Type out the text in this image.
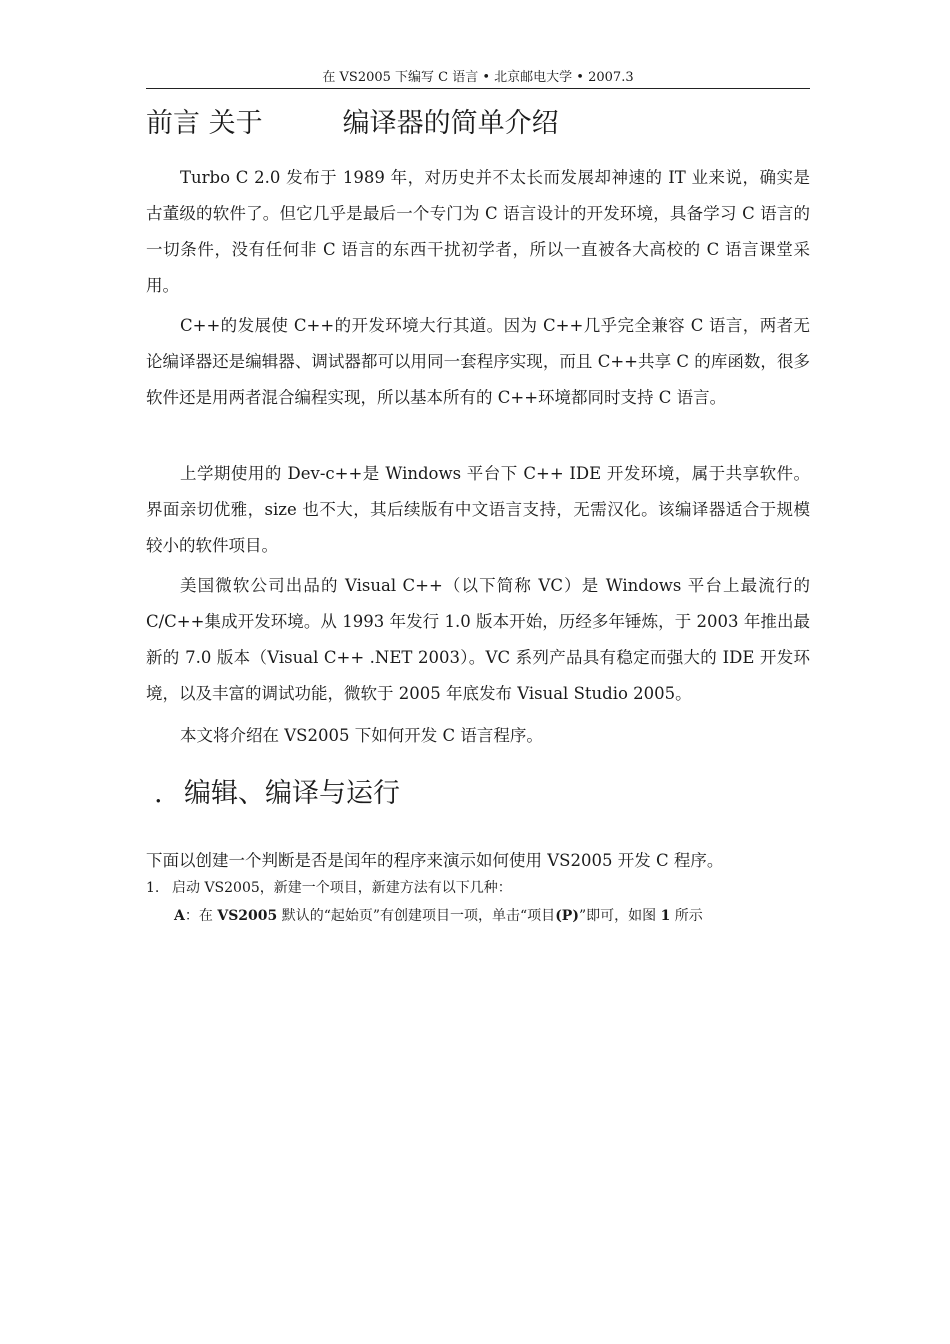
在 VS2005 下编写 C 语言 • 北京邮电大学 • 2007.3
前言 关于	编译器的简单介绍

Turbo C 2.0 发布于 1989 年，对历史并不太长而发展却神速的 IT 业来说，确实是古董级的软件了。但它几乎是最后一个专门为 C 语言设计的开发环境，具备学习 C 语言的一切条件，没有任何非 C 语言的东西干扰初学者，所以一直被各大高校的 C 语言课堂采用。

C++的发展使 C++的开发环境大行其道。因为 C++几乎完全兼容 C 语言，两者无论编译器还是编辑器、调试器都可以用同一套程序实现，而且 C++共享 C 的库函数，很多软件还是用两者混合编程实现，所以基本所有的 C++环境都同时支持 C 语言。

上学期使用的 Dev-c++是 Windows 平台下 C++ IDE 开发环境，属于共享软件。界面亲切优雅，size 也不大，其后续版有中文语言支持，无需汉化。该编译器适合于规模较小的软件项目。

美国微软公司出品的 Visual C++（以下简称 VC）是 Windows 平台上最流行的 C/C++集成开发环境。从 1993 年发行 1.0 版本开始，历经多年锤炼，于 2003 年推出最新的 7.0 版本（Visual C++ .NET 2003）。VC 系列产品具有稳定而强大的 IDE 开发环境，以及丰富的调试功能，微软于 2005 年底发布 Visual Studio 2005。

本文将介绍在 VS2005 下如何开发 C 语言程序。

. 编辑、编译与运行
下面以创建一个判断是否是闰年的程序来演示如何使用 VS2005 开发 C 程序。
1. 启动 VS2005，新建一个项目，新建方法有以下几种：
A：在 VS2005 默认的“起始页”有创建项目一项，单击“项目(P)”即可，如图 1 所示
